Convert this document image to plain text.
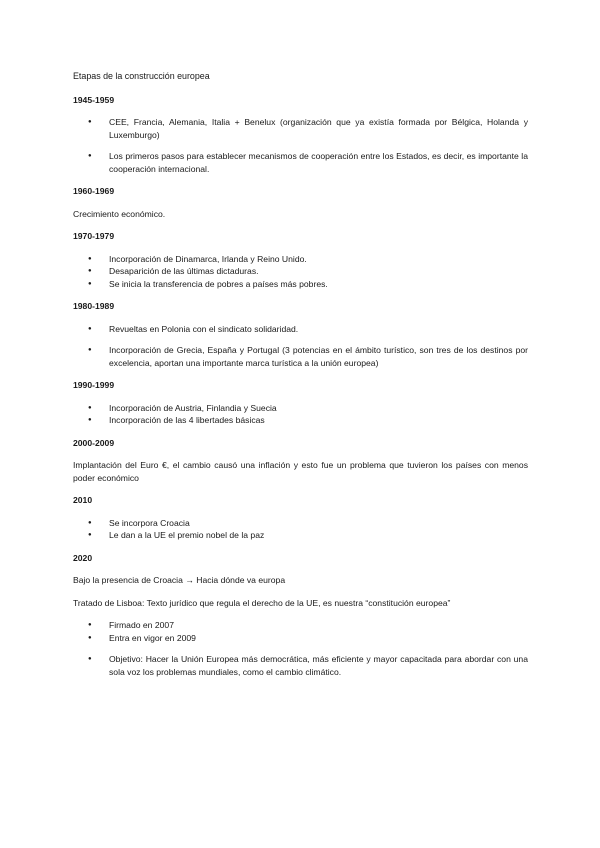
Etapas de la construcción europea
1945-1959
● CEE, Francia, Alemania, Italia + Benelux (organización que ya existía formada por Bélgica, Holanda y Luxemburgo)
● Los primeros pasos para establecer mecanismos de cooperación entre los Estados, es decir, es importante la cooperación internacional.
1960-1969

Crecimiento económico.

1970-1979
● Incorporación de Dinamarca, Irlanda y Reino Unido.
● Desaparición de las últimas dictaduras.
● Se inicia la transferencia de pobres a países más pobres.
1980-1989
● Revueltas en Polonia con el sindicato solidaridad.
● Incorporación de Grecia, España y Portugal (3 potencias en el ámbito turístico, son tres de los destinos por excelencia, aportan una importante marca turística a la unión europea)
1990-1999
● Incorporación de Austria, Finlandia y Suecia
● Incorporación de las 4 libertades básicas
2000-2009

Implantación del Euro €, el cambio causó una inflación y esto fue un problema que tuvieron los países con menos poder económico

2010
● Se incorpora Croacia
● Le dan a la UE el premio nobel de la paz
2020

Bajo la presencia de Croacia → Hacia dónde va europa

Tratado de Lisboa: Texto jurídico que regula el derecho de la UE, es nuestra “constitución europea”

● Firmado en 2007
● Entra en vigor en 2009
● Objetivo: Hacer la Unión Europea más democrática, más eficiente y mayor capacitada para abordar con una sola voz los problemas mundiales, como el cambio climático.
